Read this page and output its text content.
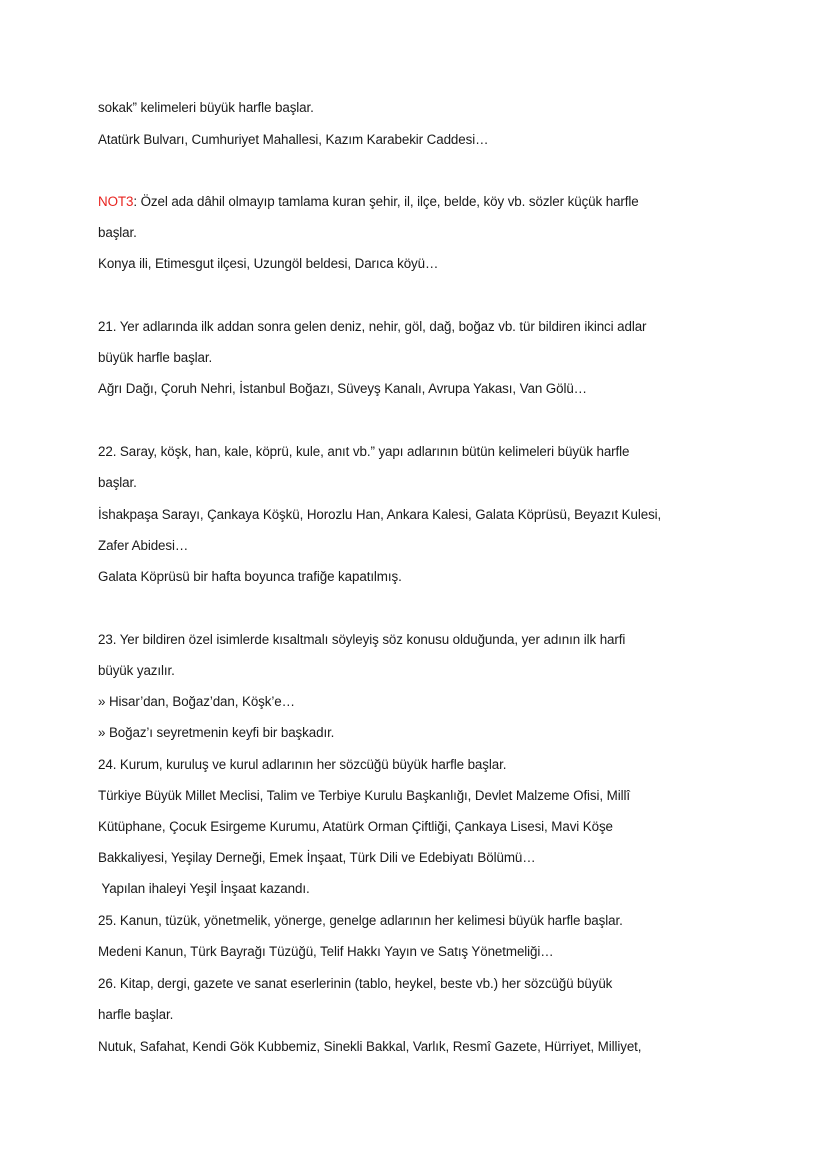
sokak” kelimeleri büyük harfle başlar.
Atatürk Bulvarı, Cumhuriyet Mahallesi, Kazım Karabekir Caddesi…
NOT3: Özel ada dâhil olmayıp tamlama kuran şehir, il, ilçe, belde, köy vb. sözler küçük harfle
başlar.
Konya ili, Etimesgut ilçesi, Uzungöl beldesi, Darıca köyü…
21. Yer adlarında ilk addan sonra gelen deniz, nehir, göl, dağ, boğaz vb. tür bildiren ikinci adlar
büyük harfle başlar.
Ağrı Dağı, Çoruh Nehri, İstanbul Boğazı, Süveyş Kanalı, Avrupa Yakası, Van Gölü…
22. Saray, köşk, han, kale, köprü, kule, anıt vb.” yapı adlarının bütün kelimeleri büyük harfle
başlar.
İshakpaşa Sarayı, Çankaya Köşkü, Horozlu Han, Ankara Kalesi, Galata Köprüsü, Beyazıt Kulesi,
Zafer Abidesi…
Galata Köprüsü bir hafta boyunca trafiğe kapatılmış.
23. Yer bildiren özel isimlerde kısaltmalı söyleyiş söz konusu olduğunda, yer adının ilk harfi
büyük yazılır.
» Hisar’dan, Boğaz’dan, Köşk’e…
» Boğaz’ı seyretmenin keyfi bir başkadır.
24. Kurum, kuruluş ve kurul adlarının her sözcüğü büyük harfle başlar.
Türkiye Büyük Millet Meclisi, Talim ve Terbiye Kurulu Başkanlığı, Devlet Malzeme Ofisi, Millî
Kütüphane, Çocuk Esirgeme Kurumu, Atatürk Orman Çiftliği, Çankaya Lisesi, Mavi Köşe
Bakkaliyesi, Yeşilay Derneği, Emek İnşaat, Türk Dili ve Edebiyatı Bölümü…
Yapılan ihaleyi Yeşil İnşaat kazandı.
25. Kanun, tüzük, yönetmelik, yönerge, genelge adlarının her kelimesi büyük harfle başlar.
Medeni Kanun, Türk Bayrağı Tüzüğü, Telif Hakkı Yayın ve Satış Yönetmeliği…
26. Kitap, dergi, gazete ve sanat eserlerinin (tablo, heykel, beste vb.) her sözcüğü büyük
harfle başlar.
Nutuk, Safahat, Kendi Gök Kubbemiz, Sinekli Bakkal, Varlık, Resmî Gazete, Hürriyet, Milliyet,
